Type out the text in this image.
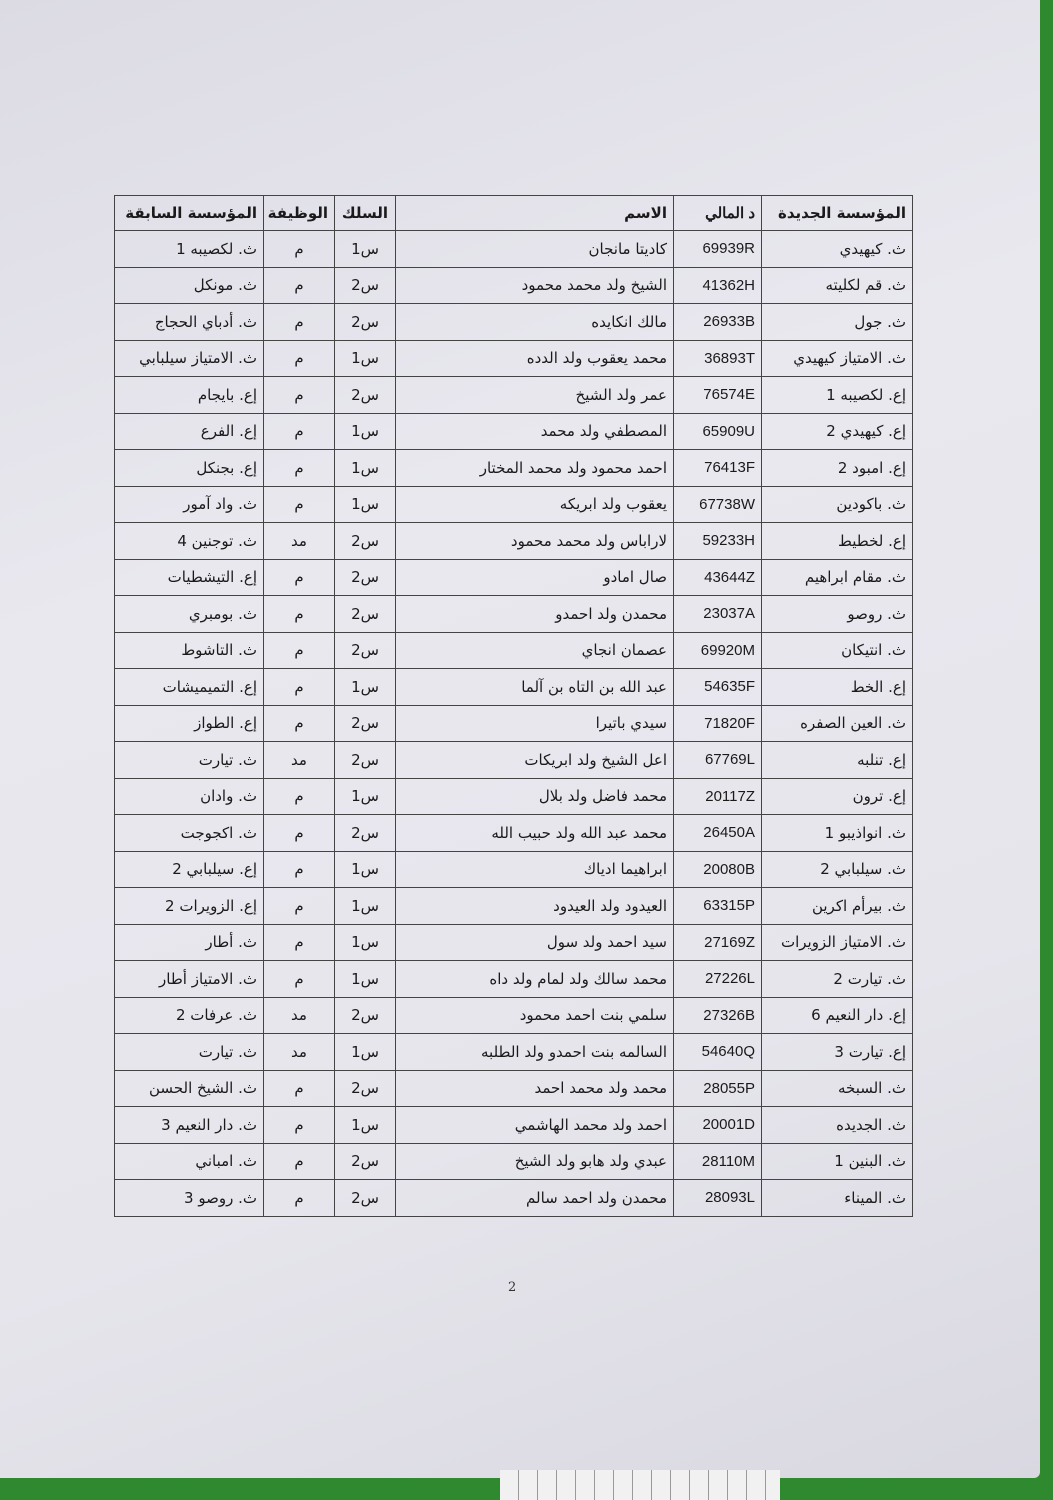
المؤسسة الجديدة	د المالي	الاسم	السلك	الوظيفة	المؤسسة السابقة
ث. كيهيدي	69939R	كاديتا مانجان	س1	م	ث. لكصيبه 1
ث. قم لكليته	41362H	الشيخ ولد محمد محمود	س2	م	ث. مونكل
ث. جول	26933B	مالك انكايده	س2	م	ث. أدباي الحجاج
ث. الامتياز كيهيدي	36893T	محمد يعقوب ولد الدده	س1	م	ث. الامتياز سيلبابي
إع. لكصيبه 1	76574E	عمر ولد الشيخ	س2	م	إع. بايجام
إع. كيهيدي 2	65909U	المصطفي ولد محمد	س1	م	إع. الفرع
إع. امبود 2	76413F	احمد محمود ولد محمد المختار	س1	م	إع. بجنكل
ث. باكودين	67738W	يعقوب ولد ابريكه	س1	م	ث. واد آمور
إع. لخطيط	59233H	لاراباس ولد محمد محمود	س2	مد	ث. توجنين 4
ث. مقام ابراهيم	43644Z	صال امادو	س2	م	إع. التيشطيات
ث. روصو	23037A	محمدن ولد احمدو	س2	م	ث. بومبري
ث. انتيكان	69920M	عصمان انجاي	س2	م	ث. التاشوط
إع. الخط	54635F	عبد الله بن التاه بن آلما	س1	م	إع. التميميشات
ث. العين الصفره	71820F	سيدي باتيرا	س2	م	إع. الطواز
إع. تنلبه	67769L	اعل الشيخ ولد ابريكات	س2	مد	ث. تيارت
إع. ترون	20117Z	محمد فاضل ولد بلال	س1	م	ث. وادان
ث. انواذيبو 1	26450A	محمد عبد الله ولد حبيب الله	س2	م	ث. اكجوجت
ث. سيلبابي 2	20080B	ابراهيما ادياك	س1	م	إع. سيلبابي 2
ث. بيرأم اكرين	63315P	العيدود ولد العيدود	س1	م	إع. الزويرات 2
ث. الامتياز الزويرات	27169Z	سيد احمد ولد سول	س1	م	ث. أطار
ث. تيارت 2	27226L	محمد سالك ولد لمام ولد داه	س1	م	ث. الامتياز أطار
إع. دار النعيم 6	27326B	سلمي بنت احمد محمود	س2	مد	ث. عرفات 2
إع. تيارت 3	54640Q	السالمه بنت احمدو ولد الطلبه	س1	مد	ث. تيارت
ث. السبخه	28055P	محمد ولد محمد احمد	س2	م	ث. الشيخ الحسن
ث. الجديده	20001D	احمد ولد محمد الهاشمي	س1	م	ث. دار النعيم 3
ث. البنين 1	28110M	عبدي ولد هابو ولد الشيخ	س2	م	ث. امباني
ث. الميناء	28093L	محمدن ولد احمد سالم	س2	م	ث. روصو 3
2
